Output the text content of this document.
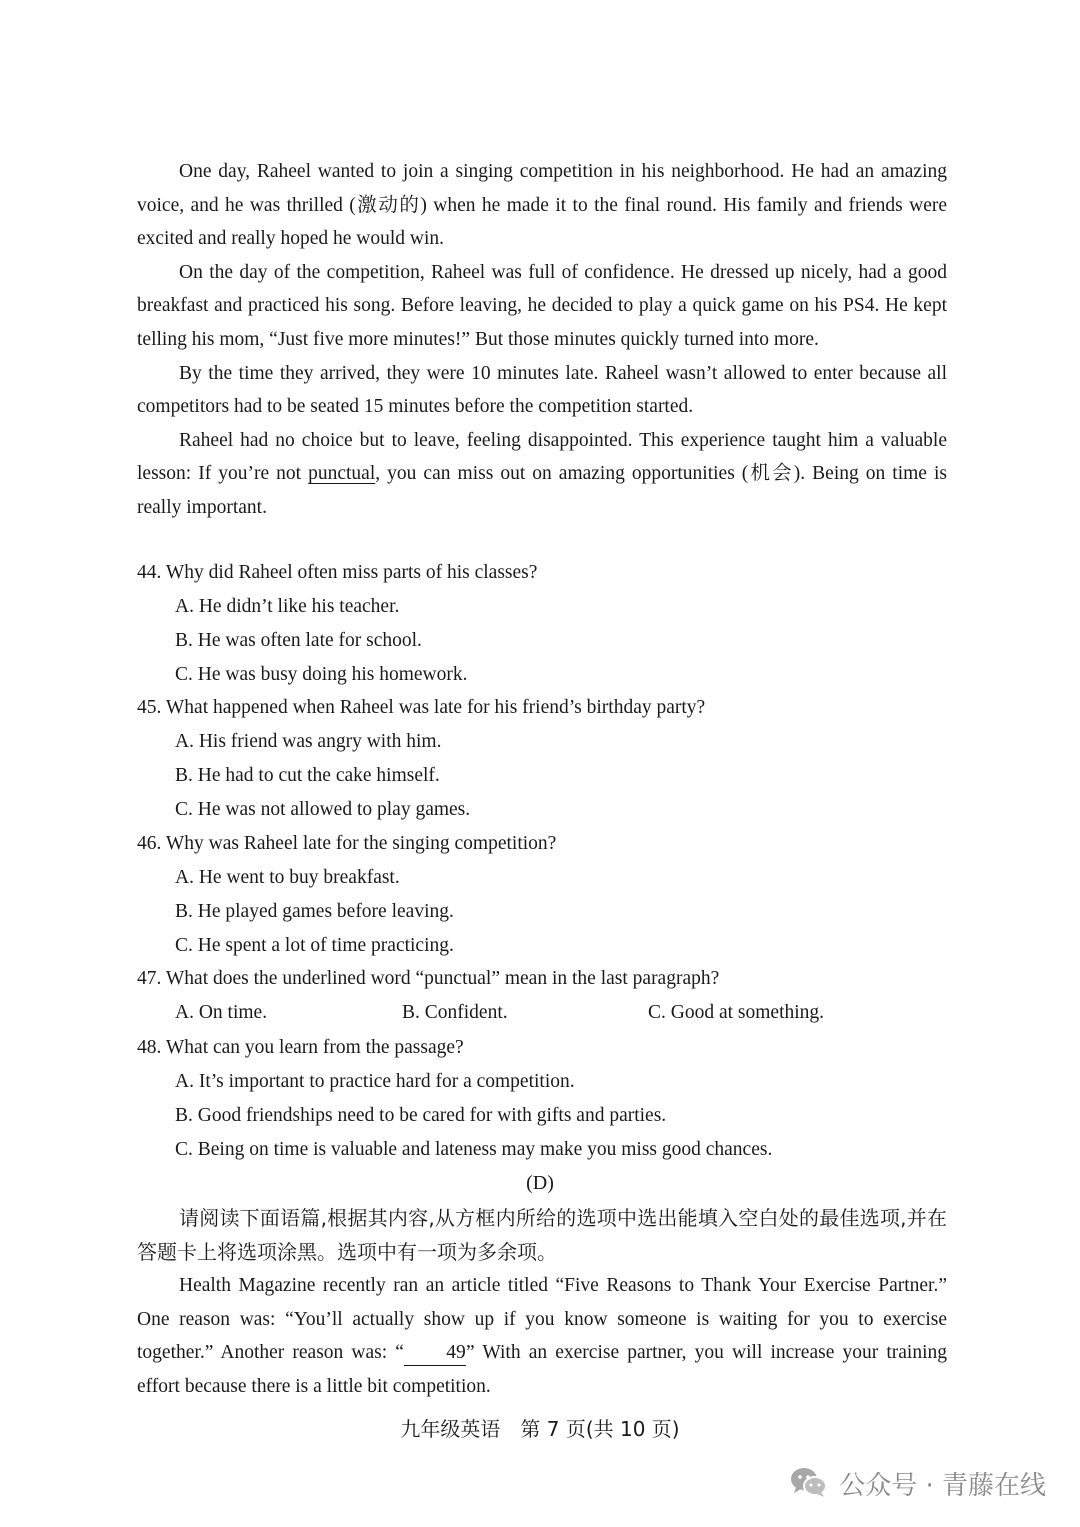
One day, Raheel wanted to join a singing competition in his neighborhood. He had an amazing voice, and he was thrilled (激动的) when he made it to the final round. His family and friends were excited and really hoped he would win.

On the day of the competition, Raheel was full of confidence. He dressed up nicely, had a good breakfast and practiced his song. Before leaving, he decided to play a quick game on his PS4. He kept telling his mom, “Just five more minutes!” But those minutes quickly turned into more.

By the time they arrived, they were 10 minutes late. Raheel wasn’t allowed to enter because all competitors had to be seated 15 minutes before the competition started.

Raheel had no choice but to leave, feeling disappointed. This experience taught him a valuable lesson: If you’re not punctual, you can miss out on amazing opportunities (机会). Being on time is really important.

44. Why did Raheel often miss parts of his classes?

A. He didn’t like his teacher.

B. He was often late for school.

C. He was busy doing his homework.

45. What happened when Raheel was late for his friend’s birthday party?

A. His friend was angry with him.

B. He had to cut the cake himself.

C. He was not allowed to play games.

46. Why was Raheel late for the singing competition?

A. He went to buy breakfast.

B. He played games before leaving.

C. He spent a lot of time practicing.

47. What does the underlined word “punctual” mean in the last paragraph?

A. On time.	B. Confident.	C. Good at something.

48. What can you learn from the passage?

A. It’s important to practice hard for a competition.

B. Good friendships need to be cared for with gifts and parties.

C. Being on time is valuable and lateness may make you miss good chances.

(D)

请阅读下面语篇,根据其内容,从方框内所给的选项中选出能填入空白处的最佳选项,并在答题卡上将选项涂黑。选项中有一项为多余项。

Health Magazine recently ran an article titled “Five Reasons to Thank Your Exercise Partner.” One reason was: “You’ll actually show up if you know someone is waiting for you to exercise together.” Another reason was: “ 49” With an exercise partner, you will increase your training effort because there is a little bit competition.

九年级英语　第 7 页(共 10 页)
公众号 · 青藤在线
